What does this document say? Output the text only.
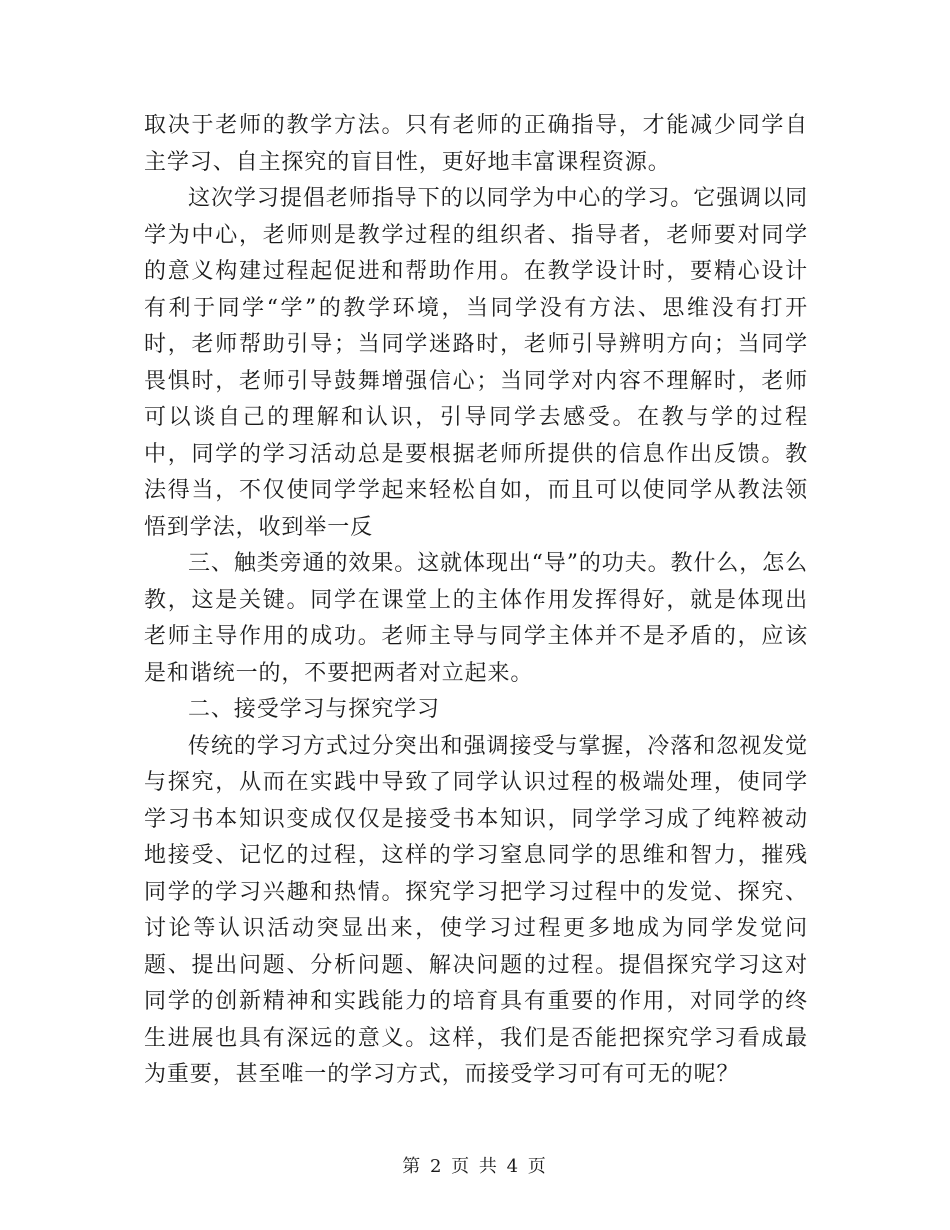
取决于老师的教学方法。只有老师的正确指导，才能减少同学自主学习、自主探究的盲目性，更好地丰富课程资源。

这次学习提倡老师指导下的以同学为中心的学习。它强调以同学为中心，老师则是教学过程的组织者、指导者，老师要对同学的意义构建过程起促进和帮助作用。在教学设计时，要精心设计有利于同学“学”的教学环境，当同学没有方法、思维没有打开时，老师帮助引导；当同学迷路时，老师引导辨明方向；当同学畏惧时，老师引导鼓舞增强信心；当同学对内容不理解时，老师可以谈自己的理解和认识，引导同学去感受。在教与学的过程中，同学的学习活动总是要根据老师所提供的信息作出反馈。教法得当，不仅使同学学起来轻松自如，而且可以使同学从教法领悟到学法，收到举一反

三、触类旁通的效果。这就体现出“导”的功夫。教什么，怎么教，这是关键。同学在课堂上的主体作用发挥得好，就是体现出老师主导作用的成功。老师主导与同学主体并不是矛盾的，应该是和谐统一的，不要把两者对立起来。

二、接受学习与探究学习

传统的学习方式过分突出和强调接受与掌握，冷落和忽视发觉与探究，从而在实践中导致了同学认识过程的极端处理，使同学学习书本知识变成仅仅是接受书本知识，同学学习成了纯粹被动地接受、记忆的过程，这样的学习窒息同学的思维和智力，摧残同学的学习兴趣和热情。探究学习把学习过程中的发觉、探究、讨论等认识活动突显出来，使学习过程更多地成为同学发觉问题、提出问题、分析问题、解决问题的过程。提倡探究学习这对同学的创新精神和实践能力的培育具有重要的作用，对同学的终生进展也具有深远的意义。这样，我们是否能把探究学习看成最为重要，甚至唯一的学习方式，而接受学习可有可无的呢？

第 2 页 共 4 页
